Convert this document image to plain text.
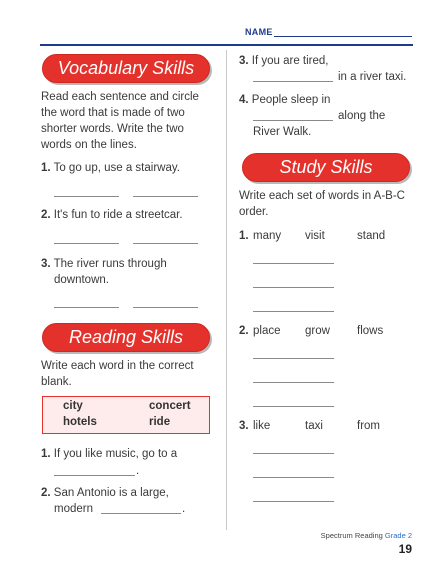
NAME
Vocabulary Skills
Read each sentence and circle
the word that is made of two
shorter words. Write the two
words on the lines.
1. To go up, use a stairway.
2. It's fun to ride a streetcar.
3. The river runs through
downtown.
Reading Skills
Write each word in the correct
blank.
city	concert
hotels	ride
1. If you like music, go to a
.
2. San Antonio is a large,
modern	.
3. If you are tired,
in a river taxi.
4. People sleep in
along the
River Walk.
Study Skills
Write each set of words in A-B-C
order.
1. many visit	stand
2. place grow flows
3. like	taxi	from
Spectrum Reading Grade 2
19
